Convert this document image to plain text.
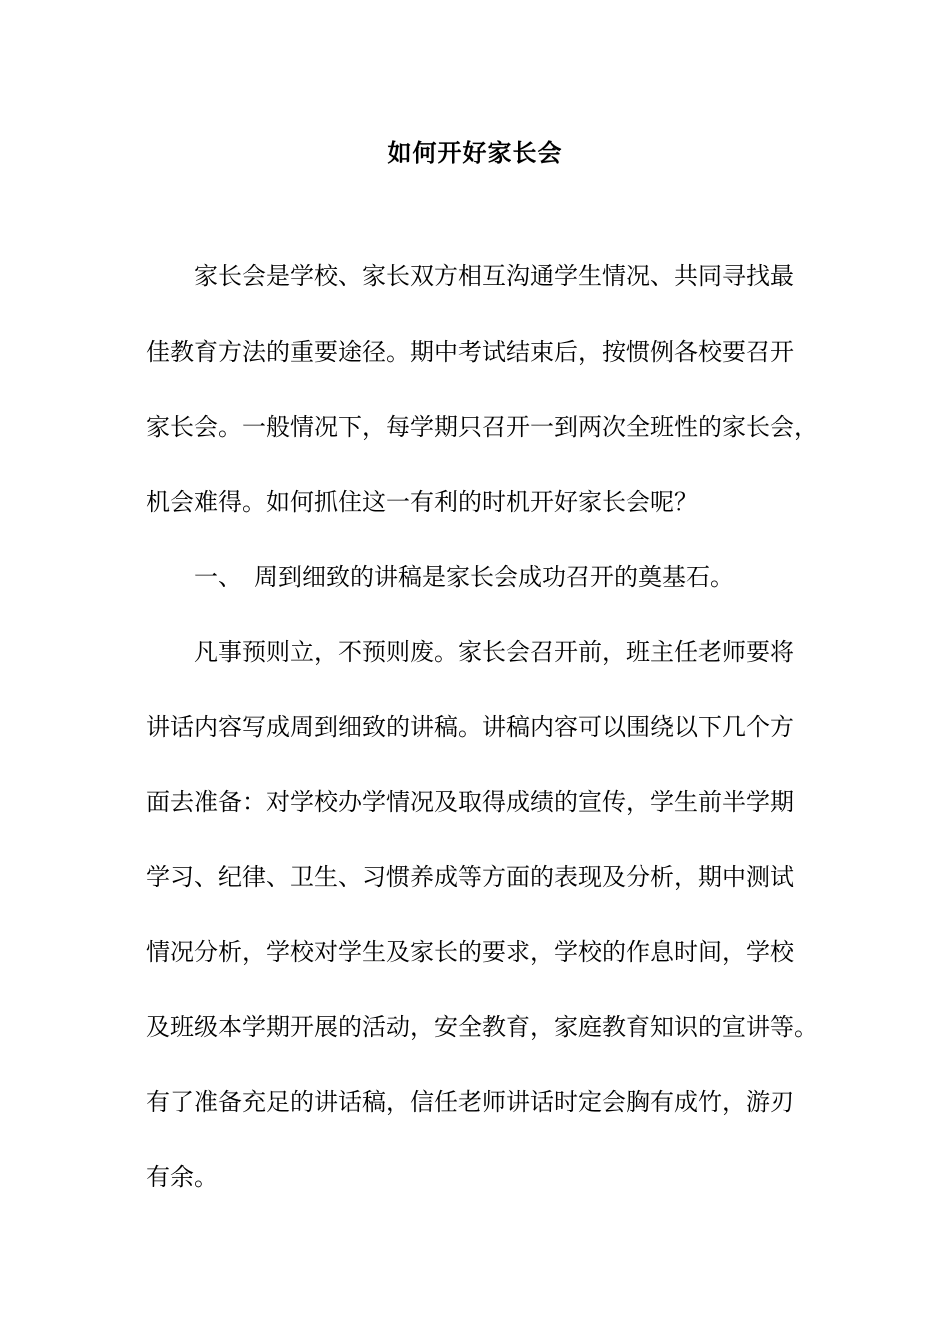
如何开好家长会
　　家长会是学校、家长双方相互沟通学生情况、共同寻找最
佳教育方法的重要途径。期中考试结束后，按惯例各校要召开
家长会。一般情况下，每学期只召开一到两次全班性的家长会，
机会难得。如何抓住这一有利的时机开好家长会呢？
　　一、　周到细致的讲稿是家长会成功召开的奠基石。
　　凡事预则立，不预则废。家长会召开前，班主任老师要将
讲话内容写成周到细致的讲稿。讲稿内容可以围绕以下几个方
面去准备：对学校办学情况及取得成绩的宣传，学生前半学期
学习、纪律、卫生、习惯养成等方面的表现及分析，期中测试
情况分析，学校对学生及家长的要求，学校的作息时间，学校
及班级本学期开展的活动，安全教育，家庭教育知识的宣讲等。
有了准备充足的讲话稿，信任老师讲话时定会胸有成竹，游刃
有余。
